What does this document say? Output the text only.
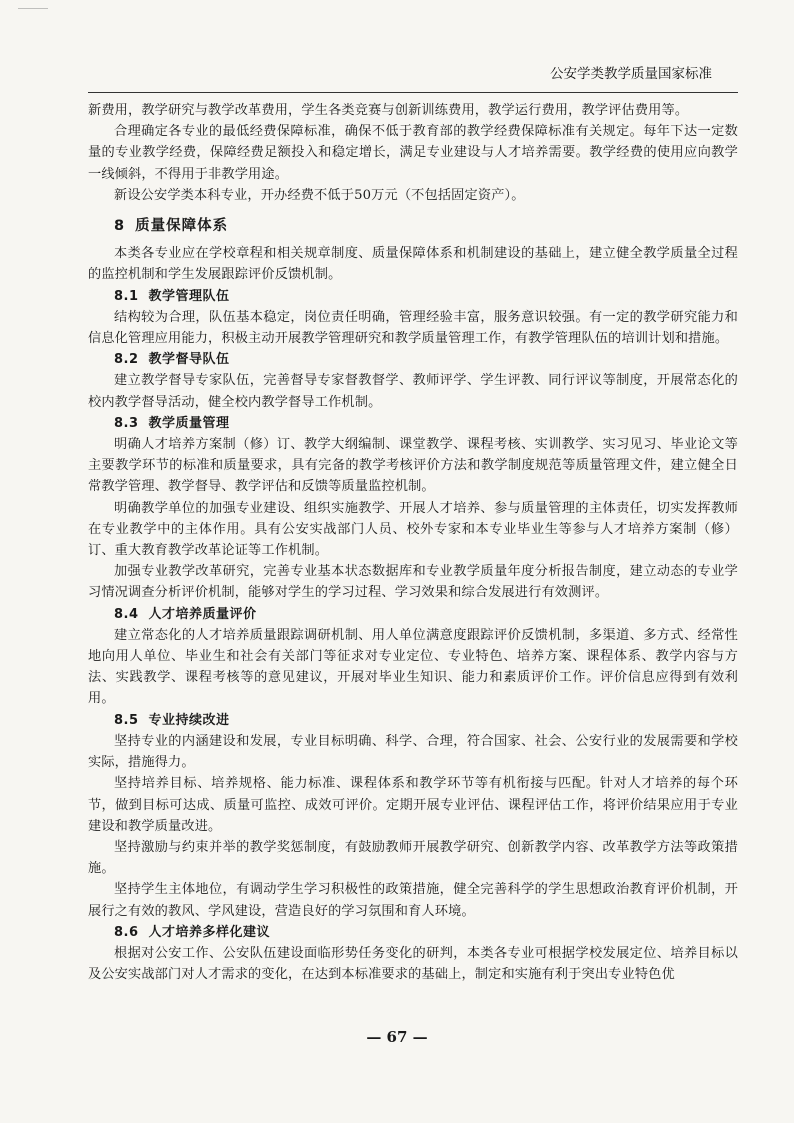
公安学类教学质量国家标准

新费用，教学研究与教学改革费用，学生各类竞赛与创新训练费用，教学运行费用，教学评估费用等。

合理确定各专业的最低经费保障标准，确保不低于教育部的教学经费保障标准有关规定。每年下达一定数量的专业教学经费，保障经费足额投入和稳定增长，满足专业建设与人才培养需要。教学经费的使用应向教学一线倾斜，不得用于非教学用途。

新设公安学类本科专业，开办经费不低于50万元（不包括固定资产）。

8 质量保障体系

本类各专业应在学校章程和相关规章制度、质量保障体系和机制建设的基础上，建立健全教学质量全过程的监控机制和学生发展跟踪评价反馈机制。

8.1 教学管理队伍

结构较为合理，队伍基本稳定，岗位责任明确，管理经验丰富，服务意识较强。有一定的教学研究能力和信息化管理应用能力，积极主动开展教学管理研究和教学质量管理工作，有教学管理队伍的培训计划和措施。

8.2 教学督导队伍

建立教学督导专家队伍，完善督导专家督教督学、教师评学、学生评教、同行评议等制度，开展常态化的校内教学督导活动，健全校内教学督导工作机制。

8.3 教学质量管理

明确人才培养方案制（修）订、教学大纲编制、课堂教学、课程考核、实训教学、实习见习、毕业论文等主要教学环节的标准和质量要求，具有完备的教学考核评价方法和教学制度规范等质量管理文件，建立健全日常教学管理、教学督导、教学评估和反馈等质量监控机制。

明确教学单位的加强专业建设、组织实施教学、开展人才培养、参与质量管理的主体责任，切实发挥教师在专业教学中的主体作用。具有公安实战部门人员、校外专家和本专业毕业生等参与人才培养方案制（修）订、重大教育教学改革论证等工作机制。

加强专业教学改革研究，完善专业基本状态数据库和专业教学质量年度分析报告制度，建立动态的专业学习情况调查分析评价机制，能够对学生的学习过程、学习效果和综合发展进行有效测评。

8.4 人才培养质量评价

建立常态化的人才培养质量跟踪调研机制、用人单位满意度跟踪评价反馈机制，多渠道、多方式、经常性地向用人单位、毕业生和社会有关部门等征求对专业定位、专业特色、培养方案、课程体系、教学内容与方法、实践教学、课程考核等的意见建议，开展对毕业生知识、能力和素质评价工作。评价信息应得到有效利用。

8.5 专业持续改进

坚持专业的内涵建设和发展，专业目标明确、科学、合理，符合国家、社会、公安行业的发展需要和学校实际，措施得力。

坚持培养目标、培养规格、能力标准、课程体系和教学环节等有机衔接与匹配。针对人才培养的每个环节，做到目标可达成、质量可监控、成效可评价。定期开展专业评估、课程评估工作，将评价结果应用于专业建设和教学质量改进。

坚持激励与约束并举的教学奖惩制度，有鼓励教师开展教学研究、创新教学内容、改革教学方法等政策措施。

坚持学生主体地位，有调动学生学习积极性的政策措施，健全完善科学的学生思想政治教育评价机制，开展行之有效的教风、学风建设，营造良好的学习氛围和育人环境。

8.6 人才培养多样化建议

根据对公安工作、公安队伍建设面临形势任务变化的研判，本类各专业可根据学校发展定位、培养目标以及公安实战部门对人才需求的变化，在达到本标准要求的基础上，制定和实施有利于突出专业特色优

— 67 —
